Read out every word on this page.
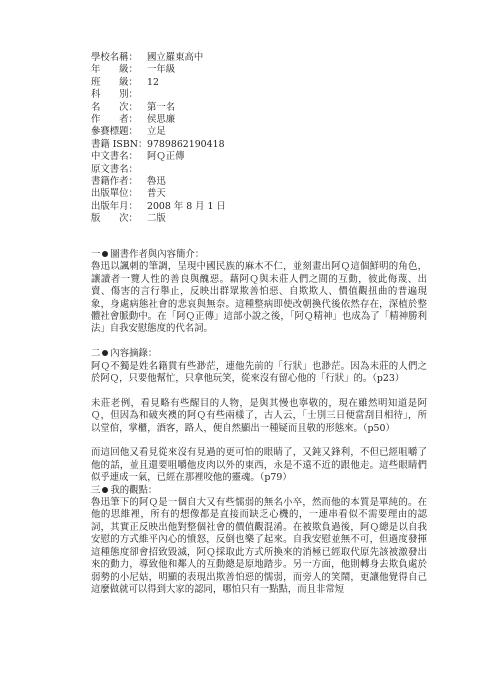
學校名稱： 國立羅東高中
年　　級： 一年級
班　　級： 12
科　　別：
名　　次： 第一名
作　　者： 侯思廉
參賽標題： 立足
書籍 ISBN： 9789862190418
中文書名： 阿Ｑ正傳
原文書名：
書籍作者： 魯迅
出版單位： 普天
出版年月： 2008 年 8 月 1 日
版　　次： 二版

一 圖書作者與內容簡介：

魯迅以諷刺的筆調，呈現中國民族的麻木不仁，並刻畫出阿Ｑ這個鮮明的角色，讓讀者一覽人性的善良與醜惡。藉阿Ｑ與未莊人們之間的互動，彼此侮蔑、出賣、傷害的言行舉止，反映出群眾欺善怕惡、自欺欺人、價值觀扭曲的普遍現象，身處病態社會的悲哀與無奈。這種整病即使改朝換代後依然存在，深植於整體社會脈動中。在「阿Ｑ正傳」這部小說之後，「阿Ｑ精神」也成為了「精神勝利法」自我安慰態度的代名詞。

二 內容摘錄：

阿Ｑ不獨是姓名籍貫有些渺茫，連他先前的「行狀」也渺茫。因為未莊的人們之於阿Ｑ，只要他幫忙，只拿他玩笑，從來沒有留心他的「行狀」的。（p23）

未莊老例，看見略有些醒目的人物，是與其慢也寧敬的，現在雖然明知道是阿Ｑ，但因為和破夾襖的阿Ｑ有些兩樣了，古人云，「士別三日便當刮目相待」，所以堂倌，掌櫃，酒客，路人，便自然顯出一種疑而且敬的形態來。（p50）

而這回他又看見從來沒有見過的更可怕的眼睛了，又鈍又鋒利，不但已經咀嚼了他的話，並且還要咀嚼他皮肉以外的東西，永是不遠不近的跟他走。這些眼睛們似乎連成一氣，已經在那裡咬他的靈魂。（p79）

三 我的觀點：

魯迅筆下的阿Ｑ是一個自大又有些懦弱的無名小卒，然而他的本質是單純的。在他的思維裡，所有的想像都是直接而缺乏心機的，一連串看似不需要理由的認詞，其實正反映出他對整個社會的價值觀混淆。在被欺負過後，阿Ｑ總是以自我安慰的方式維平內心的憤怒，反倒也樂了起來。自我安慰並無不可，但過度發揮這種態度卻會招致毀滅，阿Ｑ採取此方式所換來的消極已經取代原先該被激發出來的動力，導致他和鄰人的互動總是原地踏步。另一方面，他則轉身去欺負處於弱勢的小尼姑，明顯的表現出欺善怕惡的懦弱，而旁人的笑鬧，更讓他覺得自己這麼做就可以得到大家的認同，哪怕只有一點點，而且非常短
